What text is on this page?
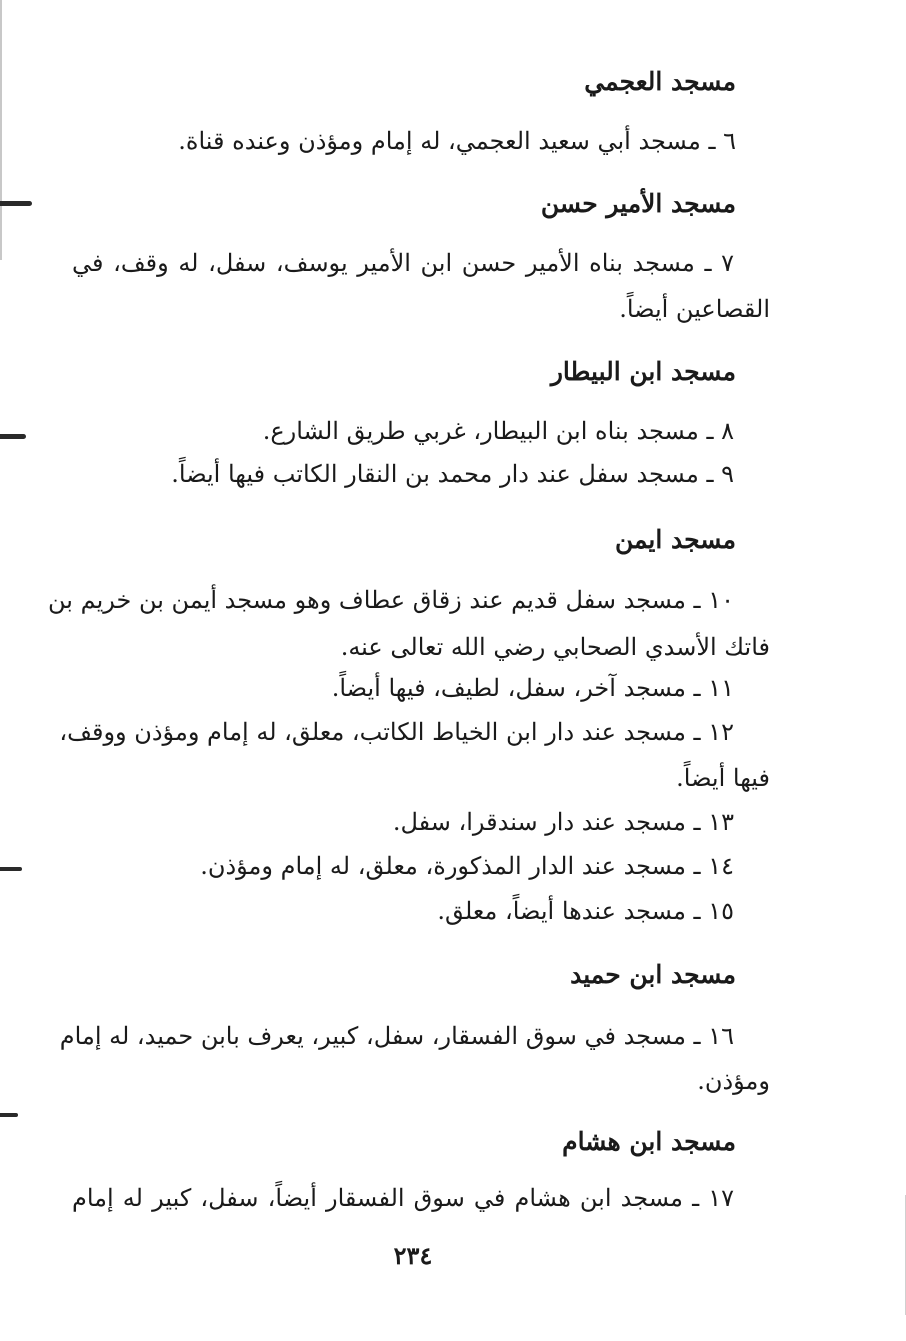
مسجد العجمي
٦ ـ مسجد أبي سعيد العجمي، له إمام ومؤذن وعنده قناة.
مسجد الأمير حسن
٧ ـ مسجد بناه الأمير حسن ابن الأمير يوسف، سفل، له وقف، في
القصاعين أيضاً.
مسجد ابن البيطار
٨ ـ مسجد بناه ابن البيطار، غربي طريق الشارع.
٩ ـ مسجد سفل عند دار محمد بن النقار الكاتب فيها أيضاً.
مسجد ايمن
١٠ ـ مسجد سفل قديم عند زقاق عطاف وهو مسجد أيمن بن خريم بن
فاتك الأسدي الصحابي رضي الله تعالى عنه.
١١ ـ مسجد آخر، سفل، لطيف، فيها أيضاً.
١٢ ـ مسجد عند دار ابن الخياط الكاتب، معلق، له إمام ومؤذن ووقف،
فيها أيضاً.
١٣ ـ مسجد عند دار سندقرا، سفل.
١٤ ـ مسجد عند الدار المذكورة، معلق، له إمام ومؤذن.
١٥ ـ مسجد عندها أيضاً، معلق.
مسجد ابن حميد
١٦ ـ مسجد في سوق الفسقار، سفل، كبير، يعرف بابن حميد، له إمام
ومؤذن.
مسجد ابن هشام
١٧ ـ مسجد ابن هشام في سوق الفسقار أيضاً، سفل، كبير له إمام
٢٣٤
